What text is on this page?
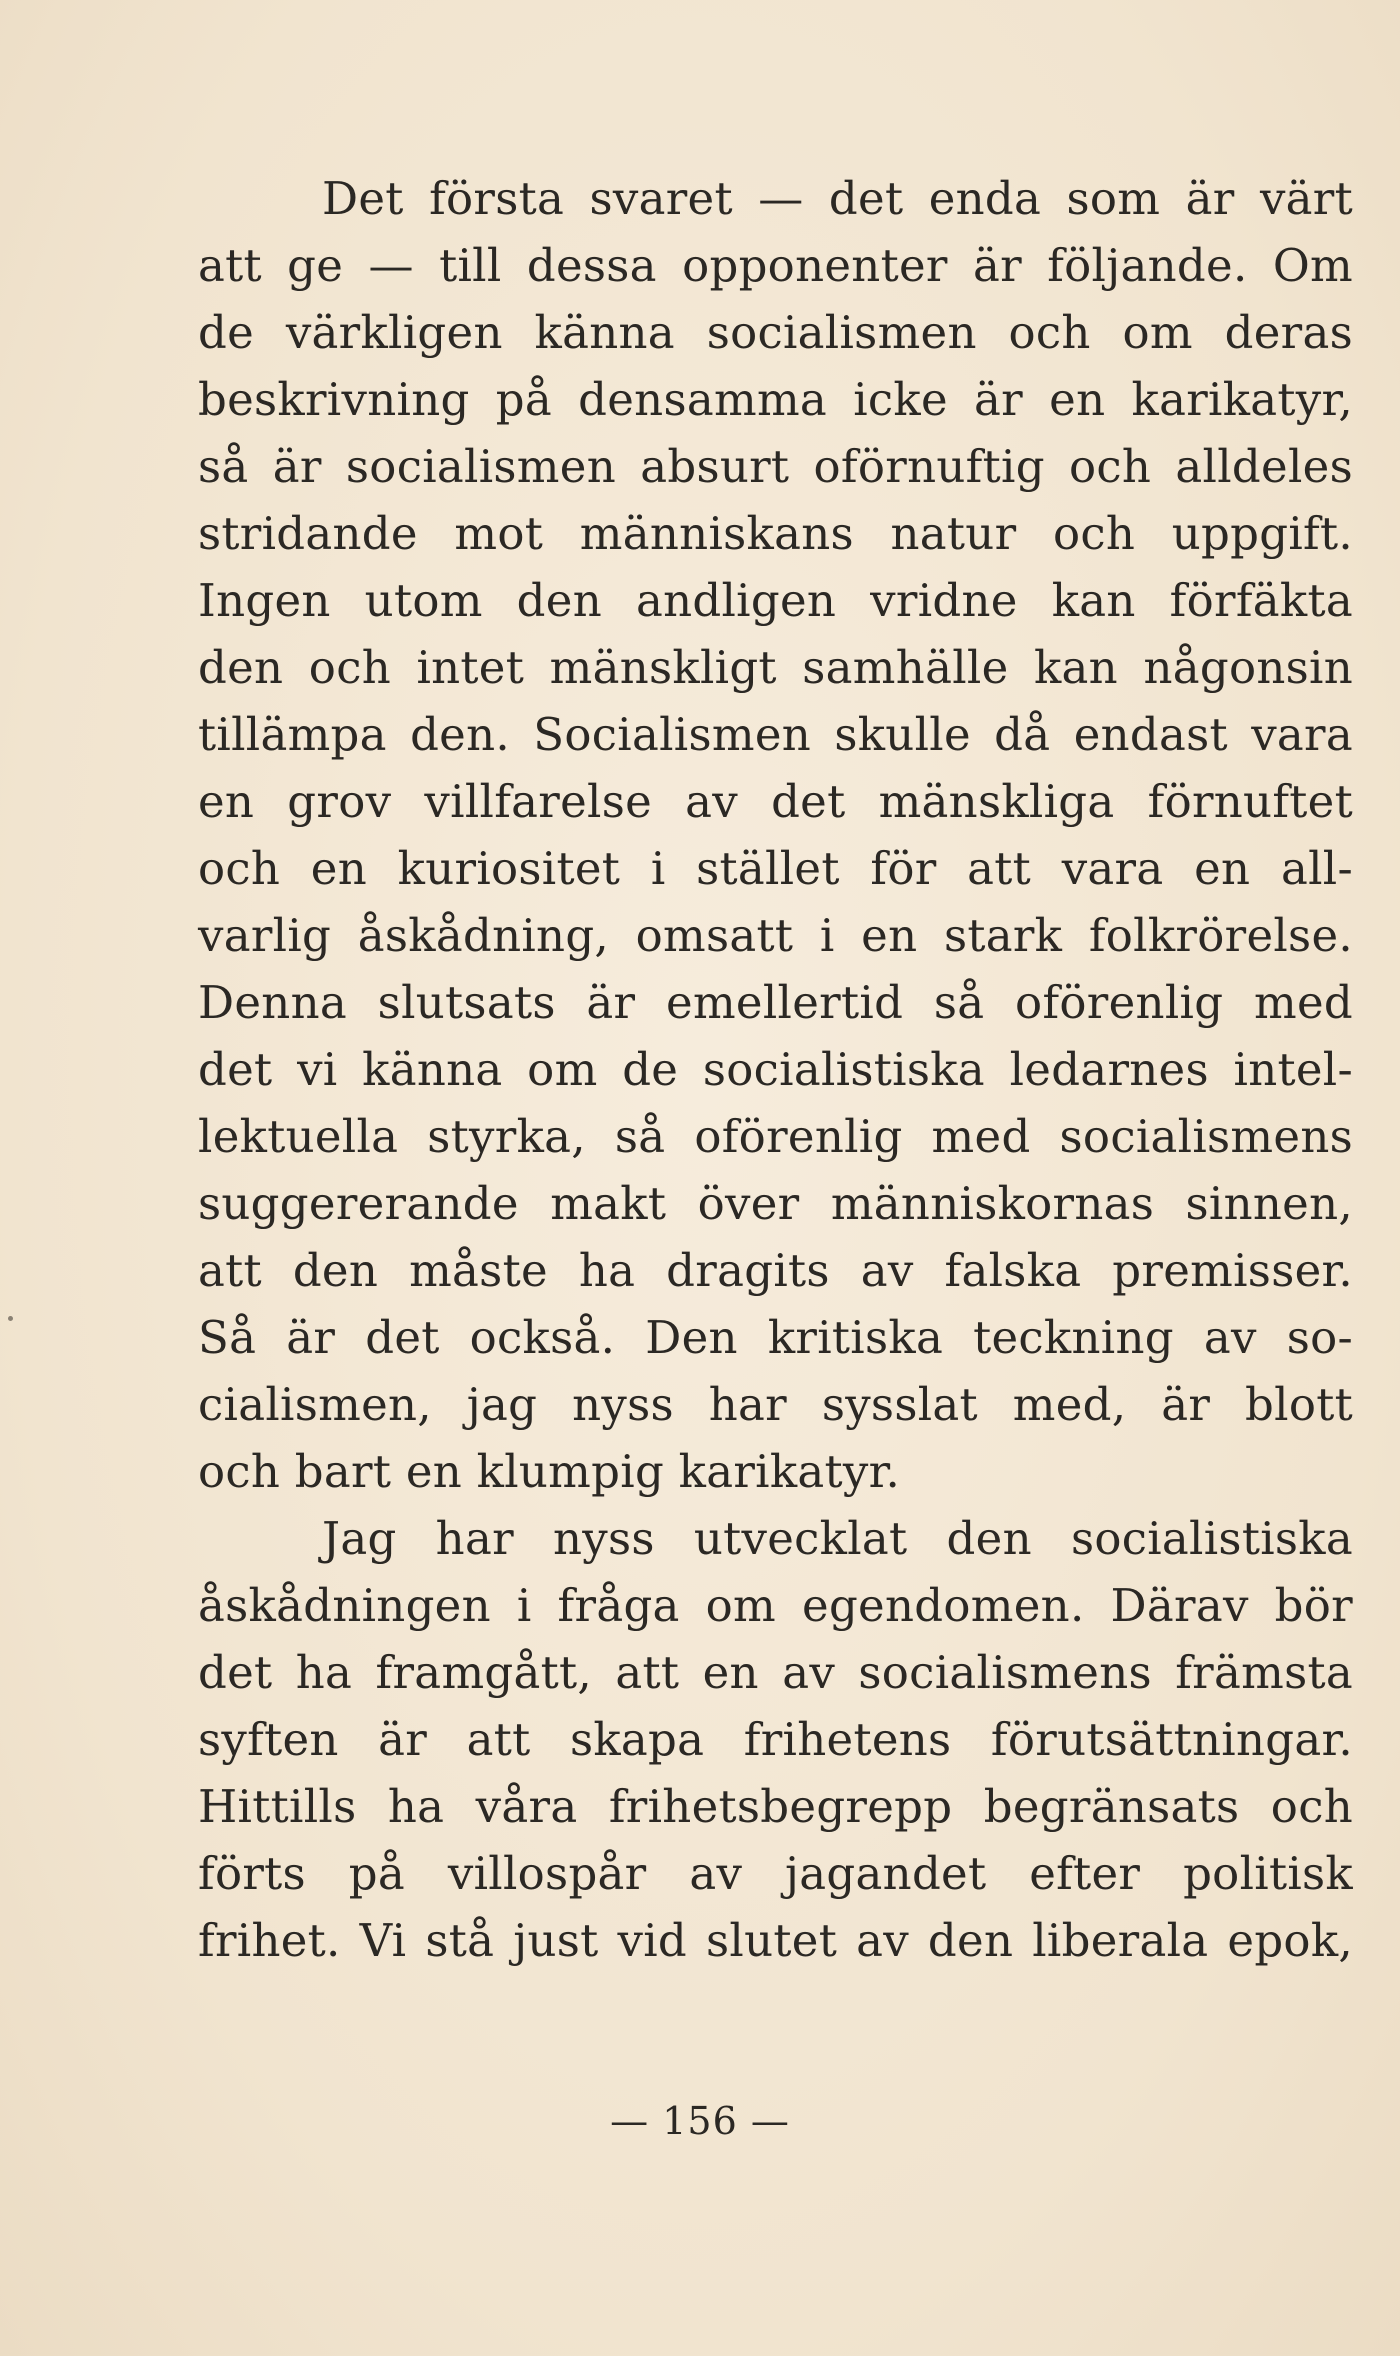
Det första svaret — det enda som är värt
att ge — till dessa opponenter är följande. Om
de värkligen känna socialismen och om deras
beskrivning på densamma icke är en karikatyr,
så är socialismen absurt oförnuftig och alldeles
stridande mot människans natur och uppgift.
Ingen utom den andligen vridne kan förfäkta
den och intet mänskligt samhälle kan någonsin
tillämpa den. Socialismen skulle då endast vara
en grov villfarelse av det mänskliga förnuftet
och en kuriositet i stället för att vara en all-
varlig åskådning, omsatt i en stark folkrörelse.
Denna slutsats är emellertid så oförenlig med
det vi känna om de socialistiska ledarnes intel-
lektuella styrka, så oförenlig med socialismens
suggererande makt över människornas sinnen,
att den måste ha dragits av falska premisser.
Så är det också. Den kritiska teckning av so-
cialismen, jag nyss har sysslat med, är blott
och bart en klumpig karikatyr.
Jag har nyss utvecklat den socialistiska
åskådningen i fråga om egendomen. Därav bör
det ha framgått, att en av socialismens främsta
syften är att skapa frihetens förutsättningar.
Hittills ha våra frihetsbegrepp begränsats och
förts på villospår av jagandet efter politisk
frihet. Vi stå just vid slutet av den liberala epok,
— 156 —
